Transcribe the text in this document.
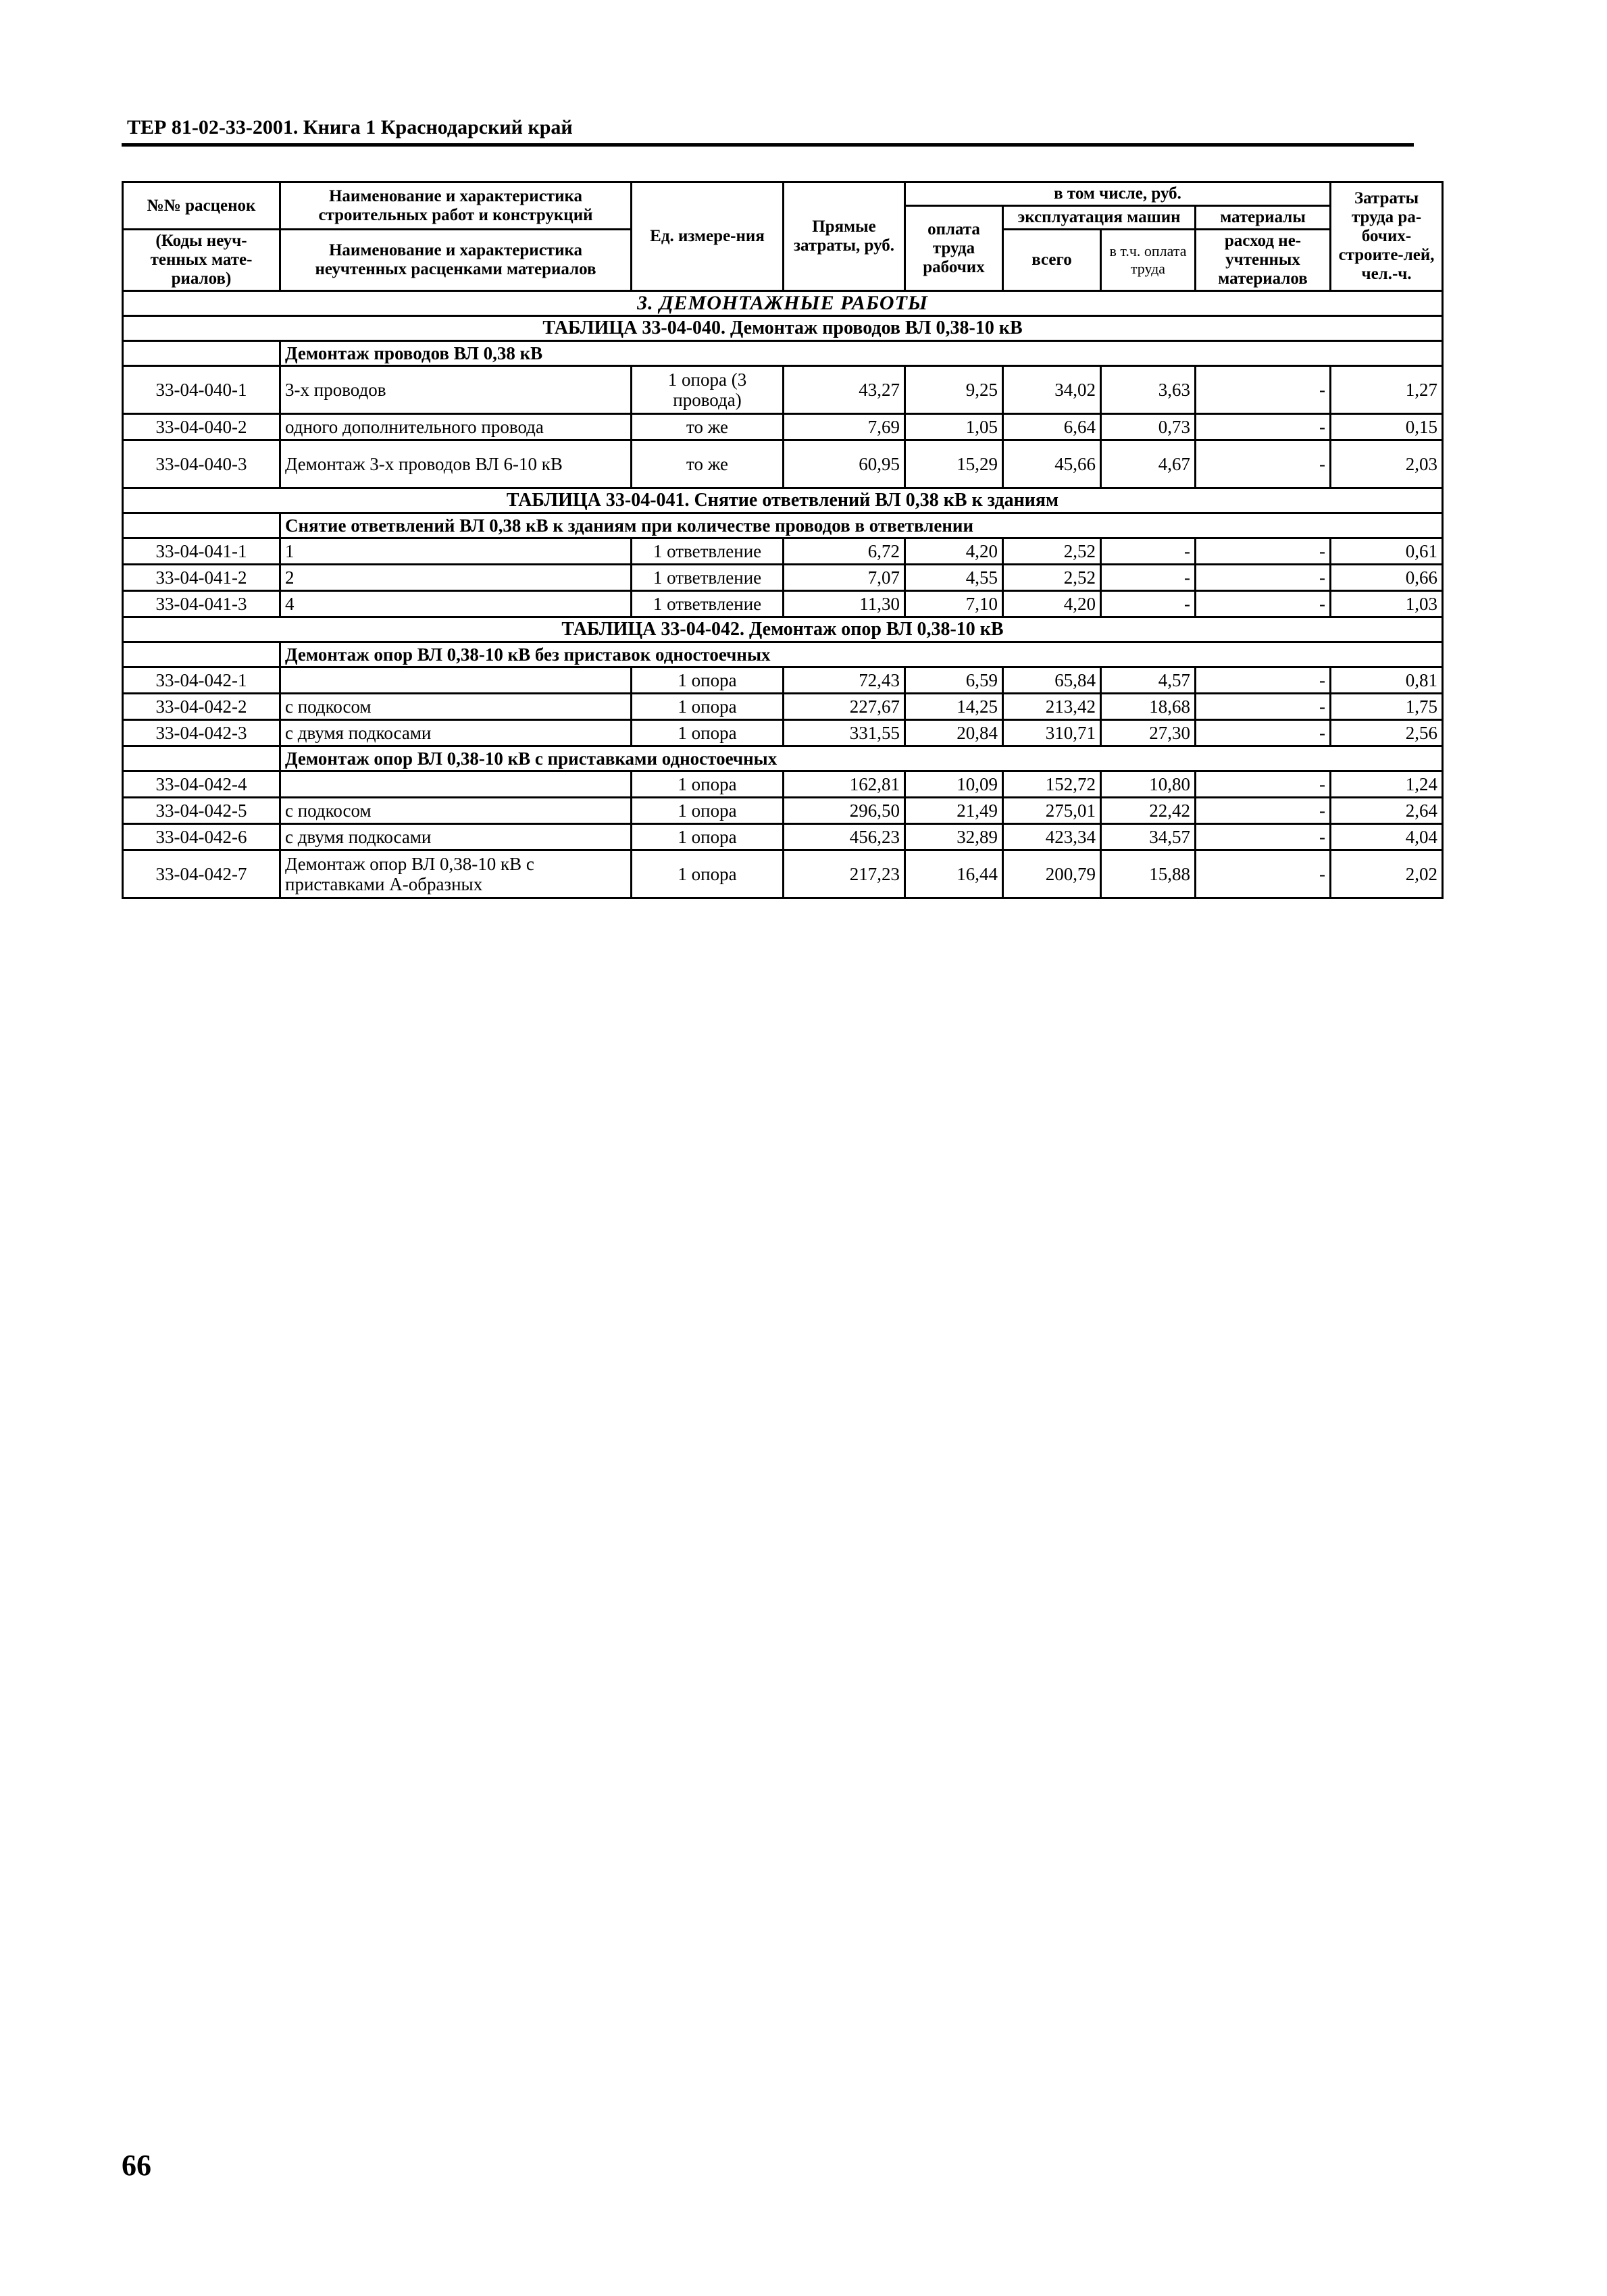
ТЕР 81-02-33-2001. Книга 1 Краснодарский край
№№ расценок	Наименование и характеристика строительных работ и конструкций	Ед. измере-ния	Прямые затраты, руб.	в том числе, руб.				Затраты труда ра-бочих-строите-лей, чел.-ч.
				оплата труда рабочих	эксплуатация машин		материалы	
(Коды неуч-тенных мате-риалов)	Наименование и характеристика неучтенных расценками материалов				всего	в т.ч. оплата труда	расход не-учтенных материалов	

3. ДЕМОНТАЖНЫЕ РАБОТЫ								
ТАБЛИЦА 33-04-040. Демонтаж проводов ВЛ 0,38-10 кВ								
	Демонтаж проводов ВЛ 0,38 кВ							
33-04-040-1	3-х проводов	1 опора (3 провода)	43,27	9,25	34,02	3,63	-	1,27
33-04-040-2	одного дополнительного провода	то же	7,69	1,05	6,64	0,73	-	0,15
33-04-040-3	Демонтаж 3-х проводов ВЛ 6-10 кВ	то же	60,95	15,29	45,66	4,67	-	2,03
ТАБЛИЦА 33-04-041. Снятие ответвлений ВЛ 0,38 кВ к зданиям								
	Снятие ответвлений ВЛ 0,38 кВ к зданиям при количестве проводов в ответвлении							
33-04-041-1	1	1 ответвление	6,72	4,20	2,52	-	-	0,61
33-04-041-2	2	1 ответвление	7,07	4,55	2,52	-	-	0,66
33-04-041-3	4	1 ответвление	11,30	7,10	4,20	-	-	1,03
ТАБЛИЦА 33-04-042. Демонтаж опор ВЛ 0,38-10 кВ								
	Демонтаж опор ВЛ 0,38-10 кВ без приставок одностоечных							
33-04-042-1		1 опора	72,43	6,59	65,84	4,57	-	0,81
33-04-042-2	с подкосом	1 опора	227,67	14,25	213,42	18,68	-	1,75
33-04-042-3	с двумя подкосами	1 опора	331,55	20,84	310,71	27,30	-	2,56
	Демонтаж опор ВЛ 0,38-10 кВ с приставками одностоечных							
33-04-042-4		1 опора	162,81	10,09	152,72	10,80	-	1,24
33-04-042-5	с подкосом	1 опора	296,50	21,49	275,01	22,42	-	2,64
33-04-042-6	с двумя подкосами	1 опора	456,23	32,89	423,34	34,57	-	4,04
33-04-042-7	Демонтаж опор ВЛ 0,38-10 кВ с приставками А-образных	1 опора	217,23	16,44	200,79	15,88	-	2,02
66
